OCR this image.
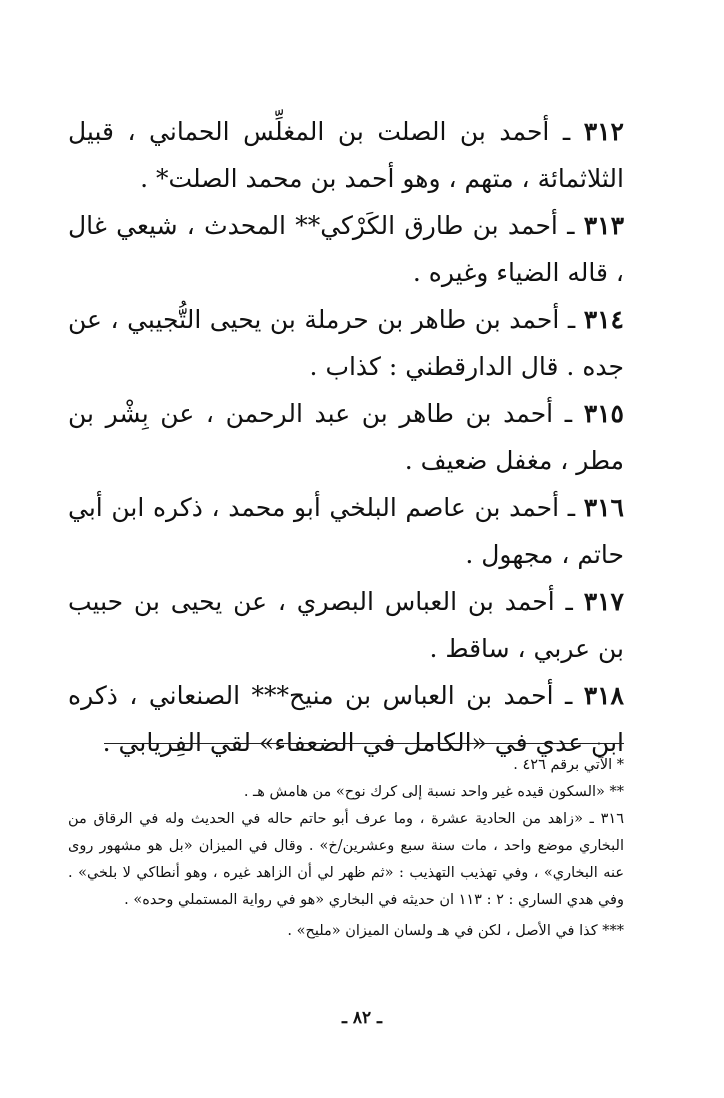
٣١٢ ـ أحمد بن الصلت بن المغلِّس الحماني ، قبيل الثلاثمائة ، متهم ، وهو أحمد بن محمد الصلت* .

٣١٣ ـ أحمد بن طارق الكَرْكي** المحدث ، شيعي غال ، قاله الضياء وغيره .

٣١٤ ـ أحمد بن طاهر بن حرملة بن يحيى التُّجيبي ، عن جده . قال الدارقطني : كذاب .

٣١٥ ـ أحمد بن طاهر بن عبد الرحمن ، عن بِشْر بن مطر ، مغفل ضعيف .

٣١٦ ـ أحمد بن عاصم البلخي أبو محمد ، ذكره ابن أبي حاتم ، مجهول .

٣١٧ ـ أحمد بن العباس البصري ، عن يحيى بن حبيب بن عربي ، ساقط .

٣١٨ ـ أحمد بن العباس بن منيح*** الصنعاني ، ذكره ابن عدي في «الكامل في الضعفاء» لقي الفِريابي .

* الآتي برقم ٤٢٦ .

** «السكون قيده غير واحد نسبة إلى كرك نوح» من هامش هـ .

٣١٦ ـ «زاهد من الحادية عشرة ، وما عرف أبو حاتم حاله في الحديث وله في الرقاق من البخاري موضع واحد ، مات سنة سبع وعشرين/خ» . وقال في الميزان «بل هو مشهور روى عنه البخاري» ، وفي تهذيب التهذيب : «ثم ظهر لي أن الزاهد غيره ، وهو أنطاكي لا بلخي» . وفي هدي الساري : ٢ : ١١٣ ان حديثه في البخاري «هو في رواية المستملي وحده» .

*** كذا في الأصل ، لكن في هـ ولسان الميزان «مليح» .

ـ ٨٢ ـ
